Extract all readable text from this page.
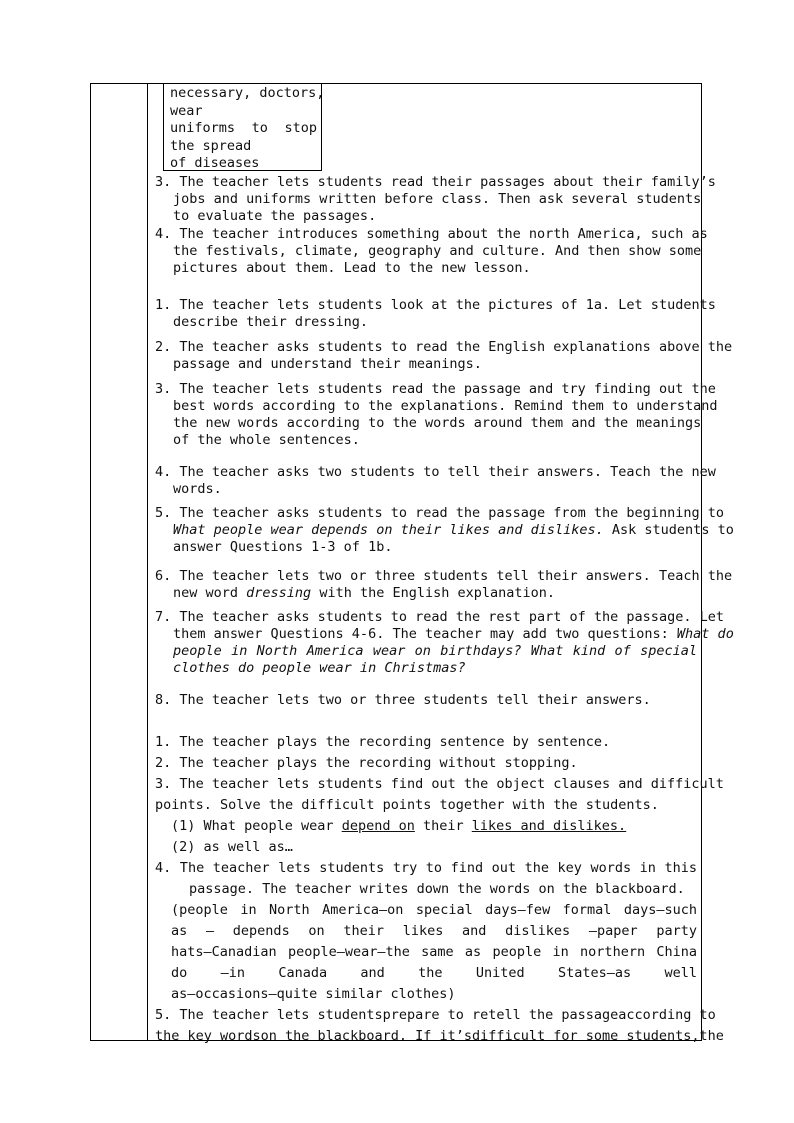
necessary, doctors,
wear
uniforms to stop
the spread
of diseases
3. The teacher lets students read their passages about their family’s
jobs and uniforms written before class. Then ask several students
to evaluate the passages.
4. The teacher introduces something about the north America, such as
the festivals, climate, geography and culture. And then show some
pictures about them. Lead to the new lesson.
1. The teacher lets students look at the pictures of 1a. Let students
describe their dressing.
2. The teacher asks students to read the English explanations above the
passage and understand their meanings.
3. The teacher lets students read the passage and try finding out the
best words according to the explanations. Remind them to understand
the new words according to the words around them and the meanings
of the whole sentences.
4. The teacher asks two students to tell their answers. Teach the new
words.
5. The teacher asks students to read the passage from the beginning to
What people wear depends on their likes and dislikes. Ask students to
answer Questions 1-3 of 1b.
6. The teacher lets two or three students tell their answers. Teach the
new word dressing with the English explanation.
7. The teacher asks students to read the rest part of the passage. Let
them answer Questions 4-6. The teacher may add two questions: What do
people in North America wear on birthdays? What kind of special
clothes do people wear in Christmas?
8. The teacher lets two or three students tell their answers.
1. The teacher plays the recording sentence by sentence.
2. The teacher plays the recording without stopping.
3. The teacher lets students find out the object clauses and difficult
points. Solve the difficult points together with the students.
(1) What people wear depend on their likes and dislikes.
(2) as well as…
4. The teacher lets students try to find out the key words in this
passage. The teacher writes down the words on the blackboard.
(people in North America—on special days—few formal days—such
as — depends on their likes and dislikes —paper party
hats—Canadian people—wear—the same as people in northern China
do —in Canada and the United States—as well
as—occasions—quite similar clothes)
5. The teacher lets studentsprepare to retell the passageaccording to
the key wordson the blackboard. If it’sdifficult for some students,the
